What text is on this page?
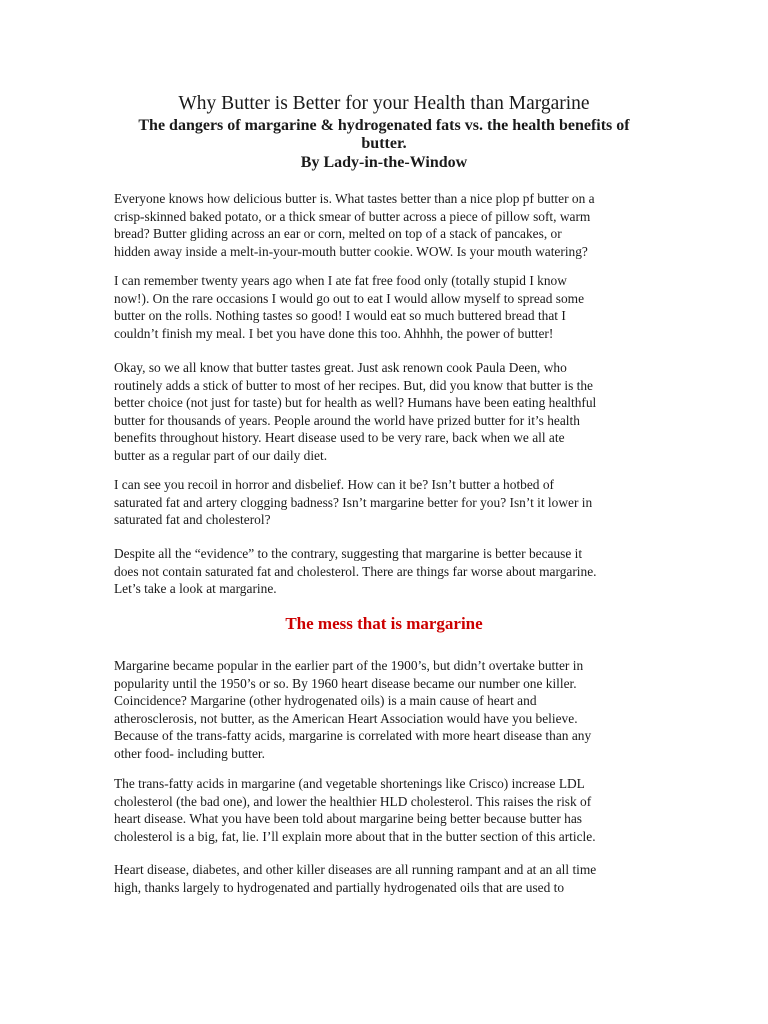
Why Butter is Better for your Health than Margarine
The dangers of margarine & hydrogenated fats vs. the health benefits of butter.
By Lady-in-the-Window

Everyone knows how delicious butter is. What tastes better than a nice plop pf butter on a
crisp-skinned baked potato, or a thick smear of butter across a piece of pillow soft, warm
bread? Butter gliding across an ear or corn, melted on top of a stack of pancakes, or
hidden away inside a melt-in-your-mouth butter cookie. WOW. Is your mouth watering?

I can remember twenty years ago when I ate fat free food only (totally stupid I know
now!). On the rare occasions I would go out to eat I would allow myself to spread some
butter on the rolls. Nothing tastes so good! I would eat so much buttered bread that I
couldn’t finish my meal. I bet you have done this too. Ahhhh, the power of butter!

Okay, so we all know that butter tastes great. Just ask renown cook Paula Deen, who
routinely adds a stick of butter to most of her recipes. But, did you know that butter is the
better choice (not just for taste) but for health as well? Humans have been eating healthful
butter for thousands of years. People around the world have prized butter for it’s health
benefits throughout history. Heart disease used to be very rare, back when we all ate
butter as a regular part of our daily diet.

I can see you recoil in horror and disbelief. How can it be? Isn’t butter a hotbed of
saturated fat and artery clogging badness? Isn’t margarine better for you? Isn’t it lower in
saturated fat and cholesterol?

Despite all the “evidence” to the contrary, suggesting that margarine is better because it
does not contain saturated fat and cholesterol. There are things far worse about margarine.
Let’s take a look at margarine.

The mess that is margarine

Margarine became popular in the earlier part of the 1900’s, but didn’t overtake butter in
popularity until the 1950’s or so. By 1960 heart disease became our number one killer.
Coincidence? Margarine (other hydrogenated oils) is a main cause of heart and
atherosclerosis, not butter, as the American Heart Association would have you believe.
Because of the trans-fatty acids, margarine is correlated with more heart disease than any
other food- including butter.

The trans-fatty acids in margarine (and vegetable shortenings like Crisco) increase LDL
cholesterol (the bad one), and lower the healthier HLD cholesterol. This raises the risk of
heart disease. What you have been told about margarine being better because butter has
cholesterol is a big, fat, lie. I’ll explain more about that in the butter section of this article.

Heart disease, diabetes, and other killer diseases are all running rampant and at an all time
high, thanks largely to hydrogenated and partially hydrogenated oils that are used to
